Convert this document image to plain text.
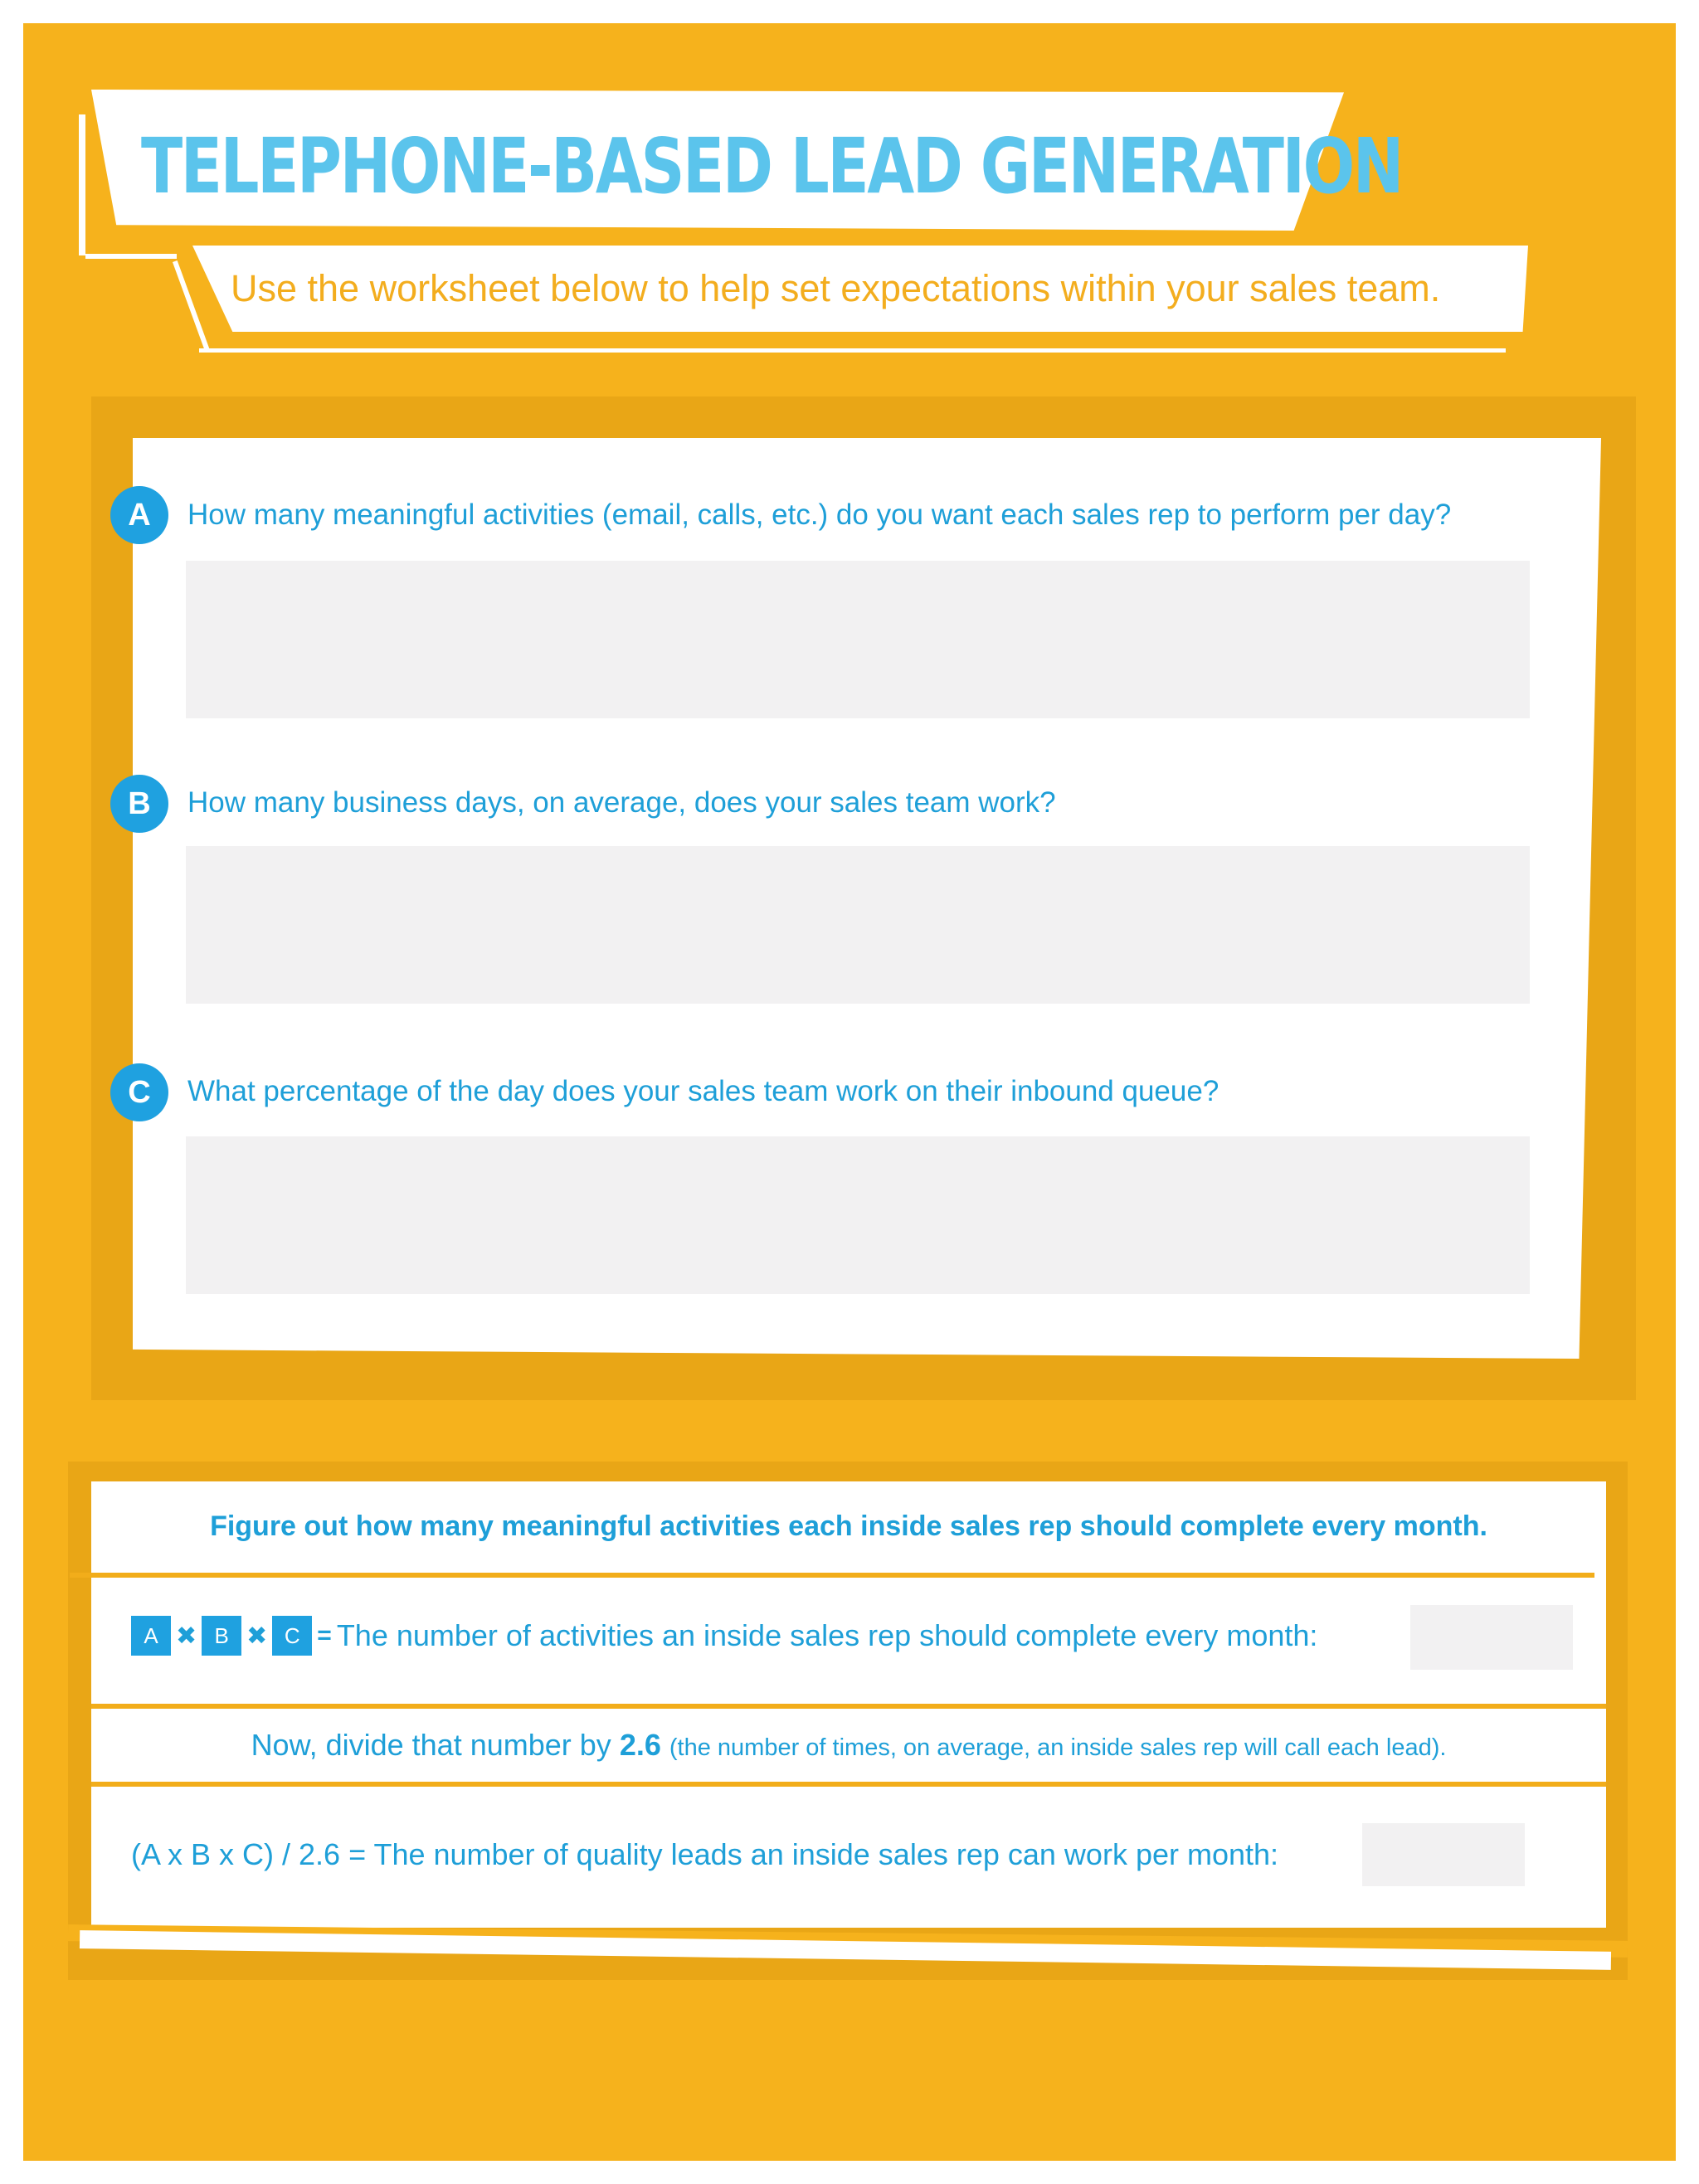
TELEPHONE-BASED LEAD GENERATION
Use the worksheet below to help set expectations within your sales team.
A	How many meaningful activities (email, calls, etc.) do you want each sales rep to perform per day?
B	How many business days, on average, does your sales team work?
C	What percentage of the day does your sales team work on their inbound queue?
Figure out how many meaningful activities each inside sales rep should complete every month.
A ✖ B ✖ C = The number of activities an inside sales rep should complete every month:
Now, divide that number by 2.6 (the number of times, on average, an inside sales rep will call each lead).
(A x B x C) / 2.6 = The number of quality leads an inside sales rep can work per month:
